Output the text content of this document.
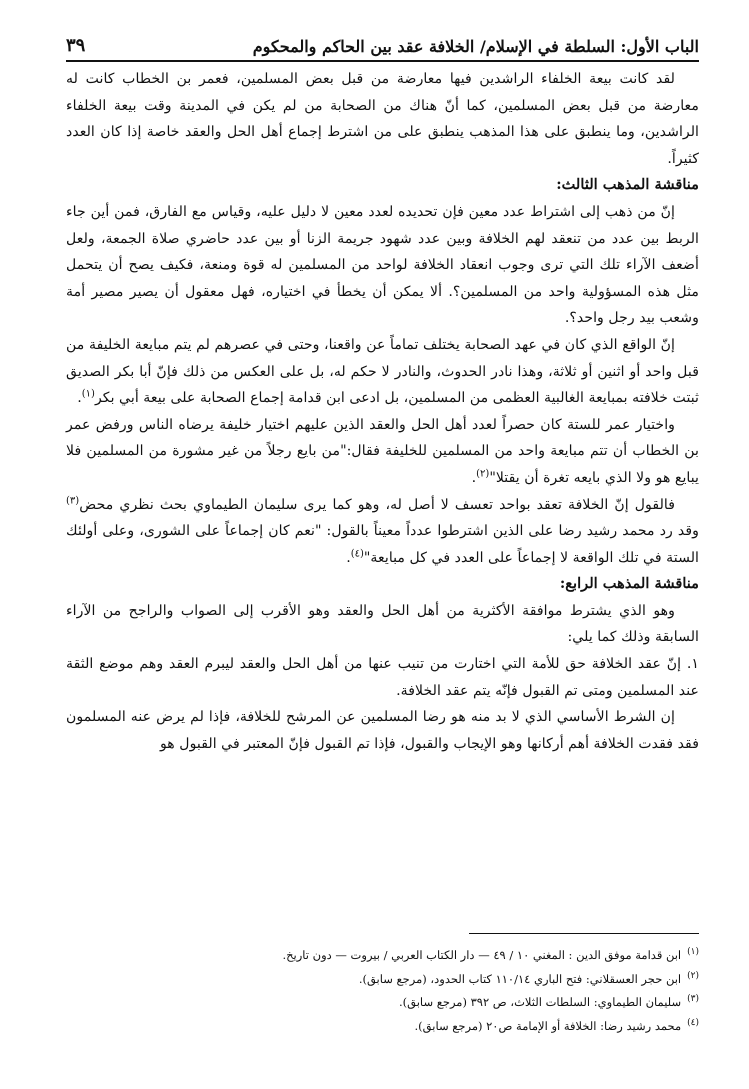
الباب الأول: السلطة في الإسلام/ الخلافة عقد بين الحاكم والمحكوم
٣٩

لقد كانت بيعة الخلفاء الراشدين فيها معارضة من قبل بعض المسلمين، فعمر بن الخطاب كانت له معارضة من قبل بعض المسلمين، كما أنّ هناك من الصحابة من لم يكن في المدينة وقت بيعة الخلفاء الراشدين، وما ينطبق على هذا المذهب ينطبق على من اشترط إجماع أهل الحل والعقد خاصة إذا كان العدد كثيراً.

مناقشة المذهب الثالث:

إنّ من ذهب إلى اشتراط عدد معين فإن تحديده لعدد معين لا دليل عليه، وقياس مع الفارق، فمن أين جاء الربط بين عدد من تنعقد لهم الخلافة وبين عدد شهود جريمة الزنا أو بين عدد حاضري صلاة الجمعة، ولعل أضعف الآراء تلك التي ترى وجوب انعقاد الخلافة لواحد من المسلمين له قوة ومنعة، فكيف يصح أن يتحمل مثل هذه المسؤولية واحد من المسلمين؟. ألا يمكن أن يخطأ في اختياره، فهل معقول أن يصير مصير أمة وشعب بيد رجل واحد؟.

إنّ الواقع الذي كان في عهد الصحابة يختلف تماماً عن واقعنا، وحتى في عصرهم لم يتم مبايعة الخليفة من قبل واحد أو اثنين أو ثلاثة، وهذا نادر الحدوث، والنادر لا حكم له، بل على العكس من ذلك فإنّ أبا بكر الصديق ثبتت خلافته بمبايعة الغالبية العظمى من المسلمين، بل ادعى ابن قدامة إجماع الصحابة على بيعة أبي بكر$^{(١)}$.

واختيار عمر للستة كان حصراً لعدد أهل الحل والعقد الذين عليهم اختيار خليفة يرضاه الناس ورفض عمر بن الخطاب أن تتم مبايعة واحد من المسلمين للخليفة فقال:"من بايع رجلاً من غير مشورة من المسلمين فلا يبايع هو ولا الذي بايعه تغرة أن يقتلا"$^{(٢)}$.

فالقول إنّ الخلافة تعقد بواحد تعسف لا أصل له، وهو كما يرى سليمان الطيماوي بحث نظري محض$^{(٣)}$ وقد رد محمد رشيد رضا على الذين اشترطوا عدداً معيناً بالقول: "نعم كان إجماعاً على الشورى، وعلى أولئك الستة في تلك الواقعة لا إجماعاً على العدد في كل مبايعة"$^{(٤)}$.

مناقشة المذهب الرابع:

وهو الذي يشترط موافقة الأكثرية من أهل الحل والعقد وهو الأقرب إلى الصواب والراجح من الآراء السابقة وذلك كما يلي:

١. إنّ عقد الخلافة حق للأمة التي اختارت من تنيب عنها من أهل الحل والعقد ليبرم العقد وهم موضع الثقة عند المسلمين ومتى تم القبول فإنّه يتم عقد الخلافة.

إن الشرط الأساسي الذي لا بد منه هو رضا المسلمين عن المرشح للخلافة، فإذا لم يرض عنه المسلمون فقد فقدت الخلافة أهم أركانها وهو الإيجاب والقبول، فإذا تم القبول فإنّ المعتبر في القبول هو

$^{(١)}$ابن قدامة موفق الدين : المغني ١٠ / ٤٩ — دار الكتاب العربي / بيروت — دون تاريخ.

$^{(٢)}$ابن حجر العسقلاني: فتح الباري ١١٠/١٤ كتاب الحدود، (مرجع سابق).

$^{(٣)}$سليمان الطيماوي: السلطات الثلاث، ص ٣٩٢ (مرجع سابق).

$^{(٤)}$محمد رشيد رضا: الخلافة أو الإمامة ص٢٠ (مرجع سابق).
